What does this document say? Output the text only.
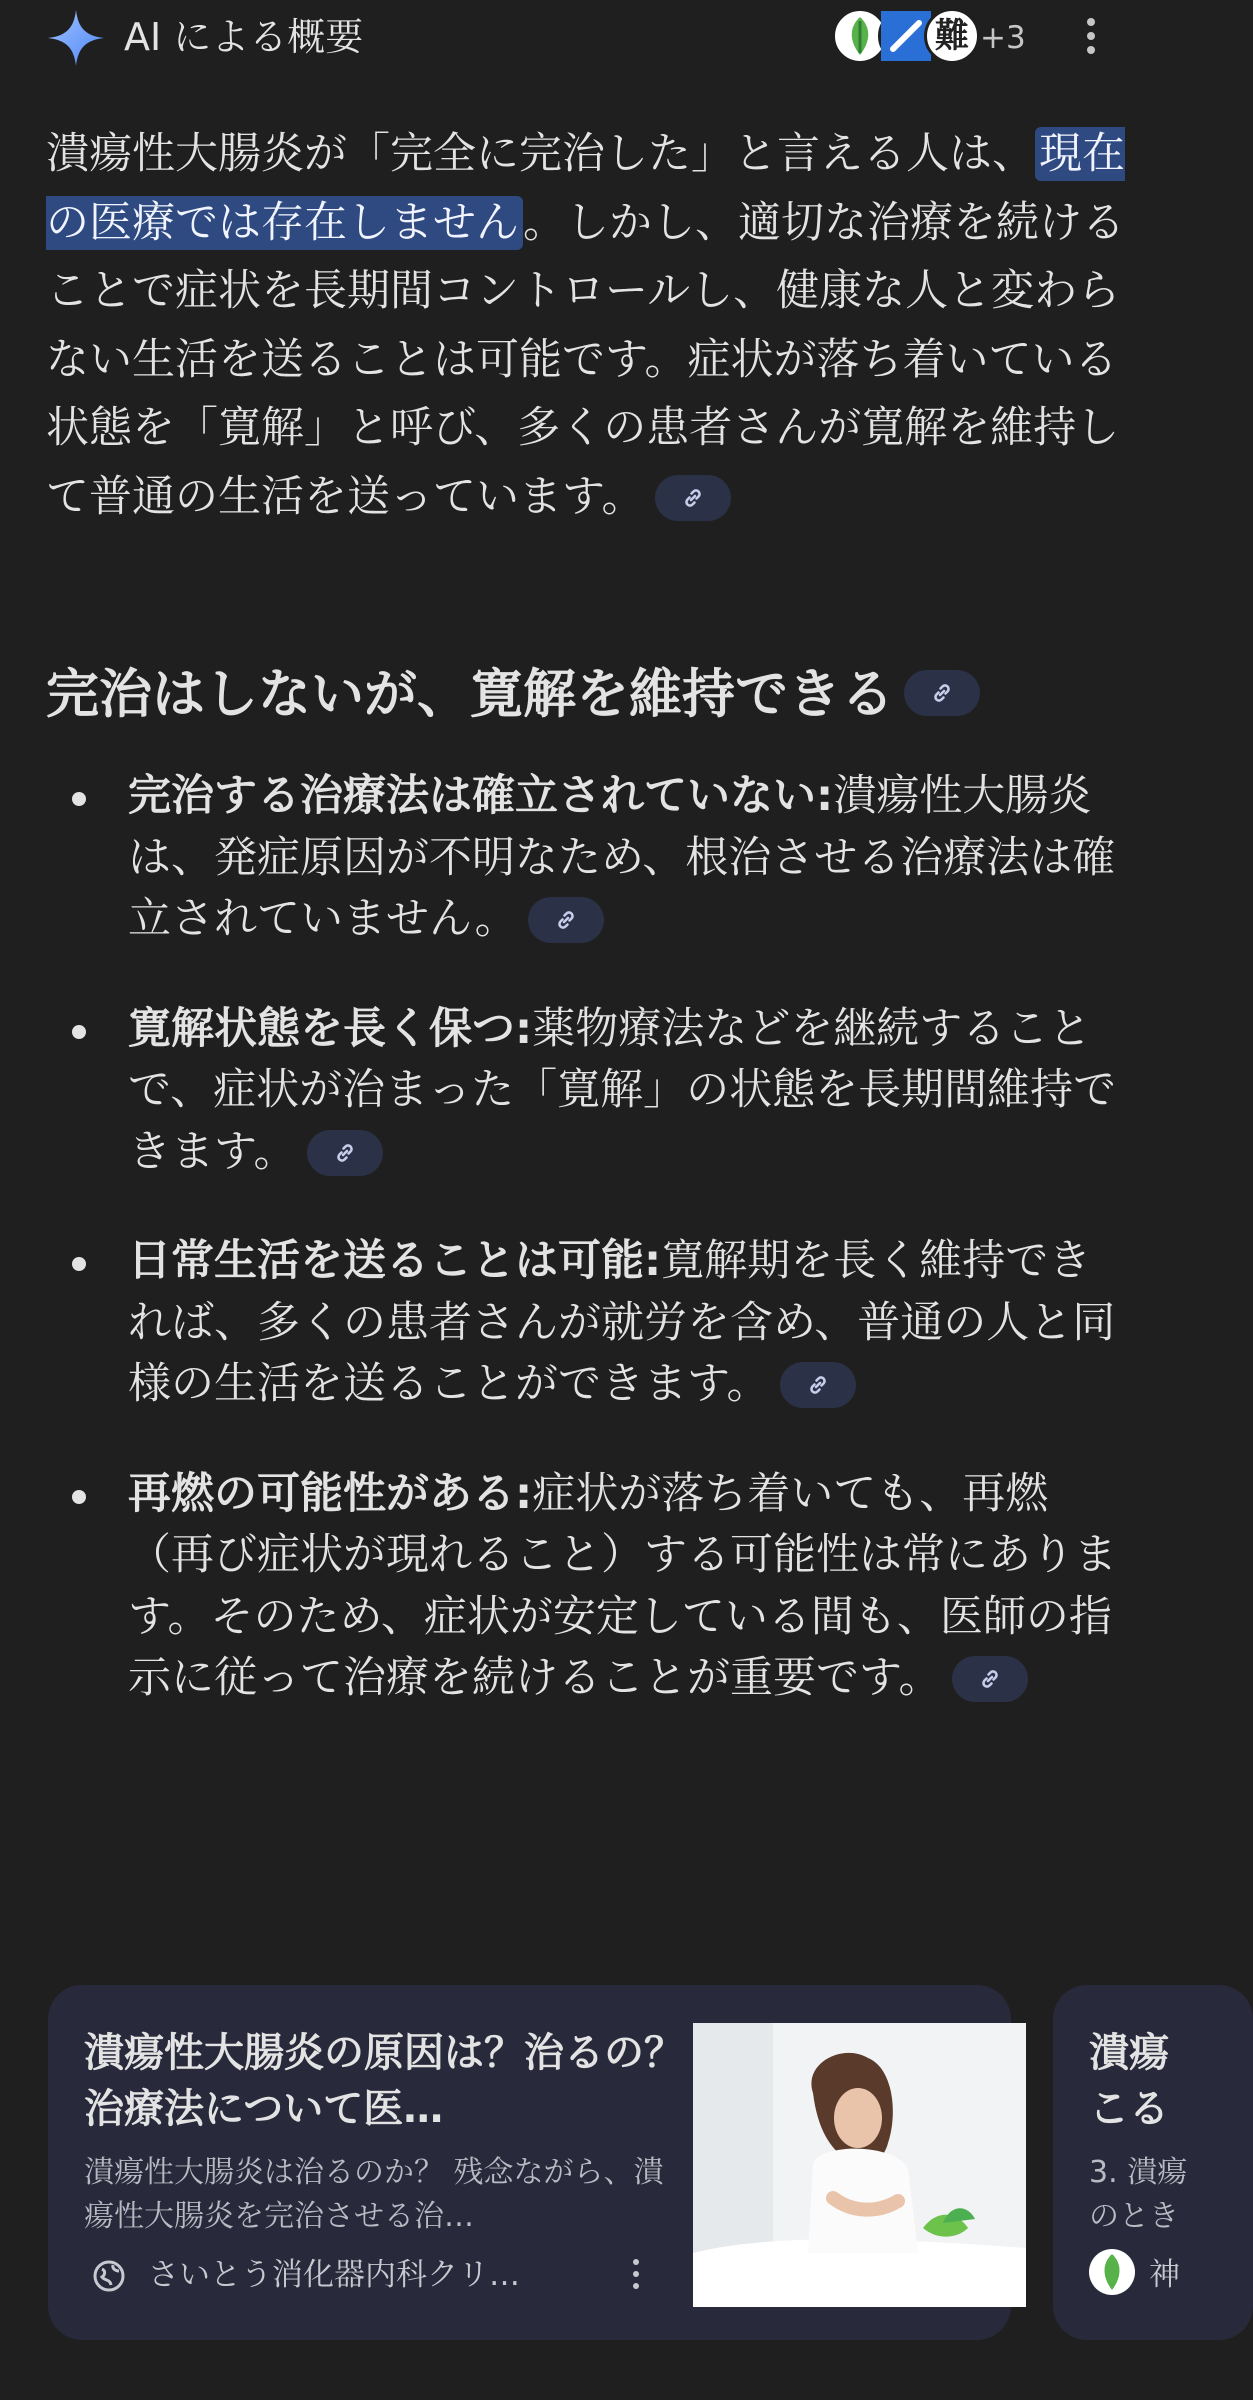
AI による概要	難 +3
潰瘍性大腸炎が「完全に完治した」と言える人は、現在の医療では存在しません。しかし、適切な治療を続けることで症状を長期間コントロールし、健康な人と変わらない生活を送ることは可能です。症状が落ち着いている状態を「寛解」と呼び、多くの患者さんが寛解を維持して普通の生活を送っています。
完治はしないが、寛解を維持できる
完治する治療法は確立されていない:潰瘍性大腸炎は、発症原因が不明なため、根治させる治療法は確立されていません。
寛解状態を長く保つ:薬物療法などを継続することで、症状が治まった「寛解」の状態を長期間維持できます。
日常生活を送ることは可能:寛解期を長く維持できれば、多くの患者さんが就労を含め、普通の人と同様の生活を送ることができます。
再燃の可能性がある:症状が落ち着いても、再燃（再び症状が現れること）する可能性は常にあります。そのため、症状が安定している間も、医師の指示に従って治療を続けることが重要です。
潰瘍性大腸炎の原因は？治るの？治療法について医…
潰瘍性大腸炎は治るのか？ 残念ながら、潰瘍性大腸炎を完治させる治…
さいとう消化器内科クリ…
潰瘍
こる
3. 潰瘍
のとき
神
